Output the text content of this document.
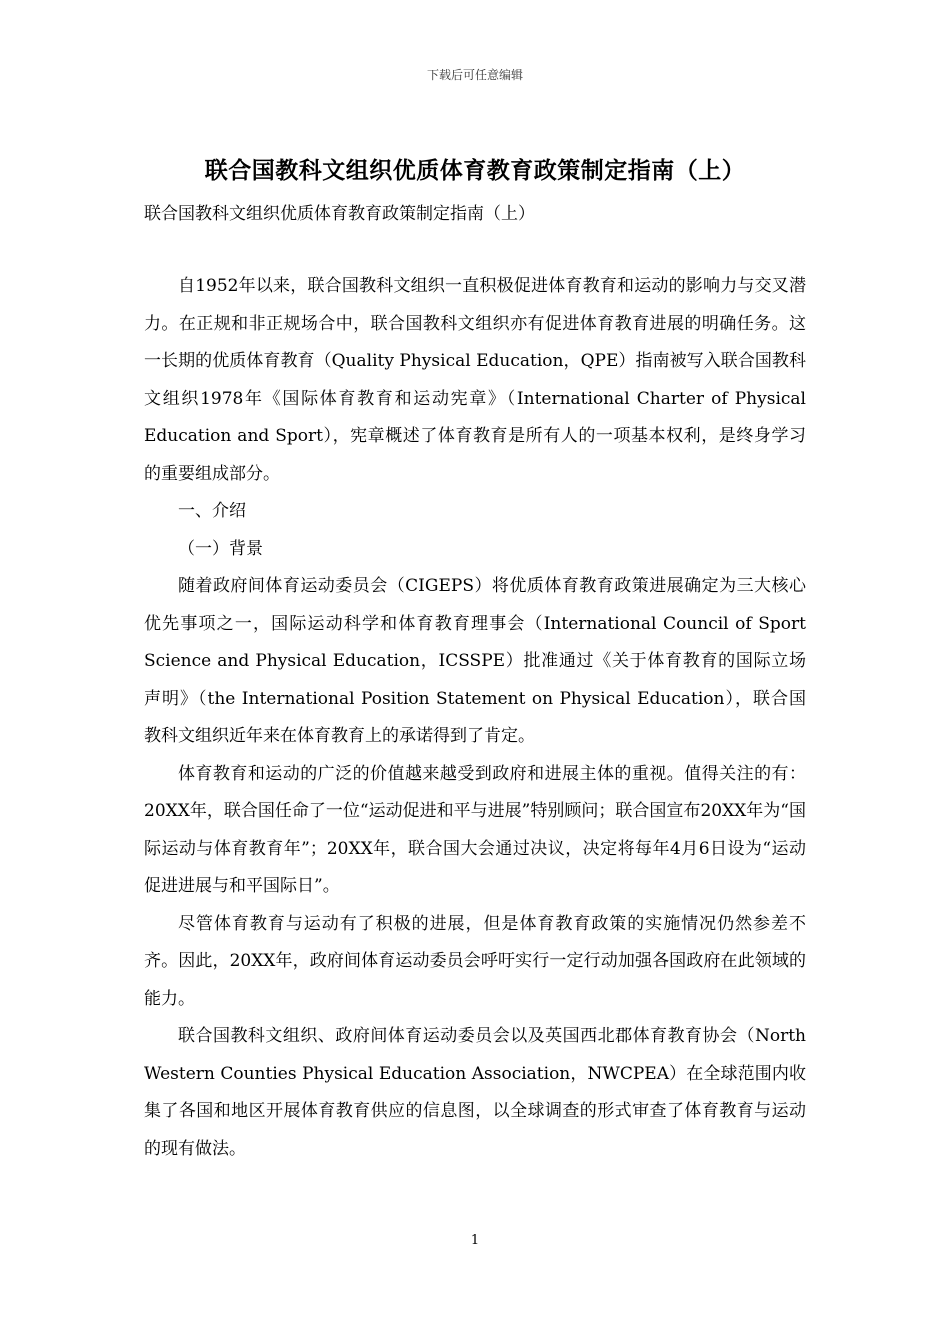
下载后可任意编辑
联合国教科文组织优质体育教育政策制定指南（上）

联合国教科文组织优质体育教育政策制定指南（上）

自1952年以来，联合国教科文组织一直积极促进体育教育和运动的影响力与交叉潜力。在正规和非正规场合中，联合国教科文组织亦有促进体育教育进展的明确任务。这一长期的优质体育教育（Quality Physical Education，QPE）指南被写入联合国教科文组织1978年《国际体育教育和运动宪章》（International Charter of Physical Education and Sport），宪章概述了体育教育是所有人的一项基本权利，是终身学习的重要组成部分。

一、介绍

（一）背景

随着政府间体育运动委员会（CIGEPS）将优质体育教育政策进展确定为三大核心优先事项之一，国际运动科学和体育教育理事会（International Council of Sport Science and Physical Education，ICSSPE）批准通过《关于体育教育的国际立场声明》（the International Position Statement on Physical Education），联合国教科文组织近年来在体育教育上的承诺得到了肯定。

体育教育和运动的广泛的价值越来越受到政府和进展主体的重视。值得关注的有：20XX年，联合国任命了一位“运动促进和平与进展”特别顾问；联合国宣布20XX年为“国际运动与体育教育年”；20XX年，联合国大会通过决议，决定将每年4月6日设为“运动促进进展与和平国际日”。

尽管体育教育与运动有了积极的进展，但是体育教育政策的实施情况仍然参差不齐。因此，20XX年，政府间体育运动委员会呼吁实行一定行动加强各国政府在此领域的能力。

联合国教科文组织、政府间体育运动委员会以及英国西北郡体育教育协会（North Western Counties Physical Education Association，NWCPEA）在全球范围内收集了各国和地区开展体育教育供应的信息图，以全球调查的形式审查了体育教育与运动的现有做法。

1
